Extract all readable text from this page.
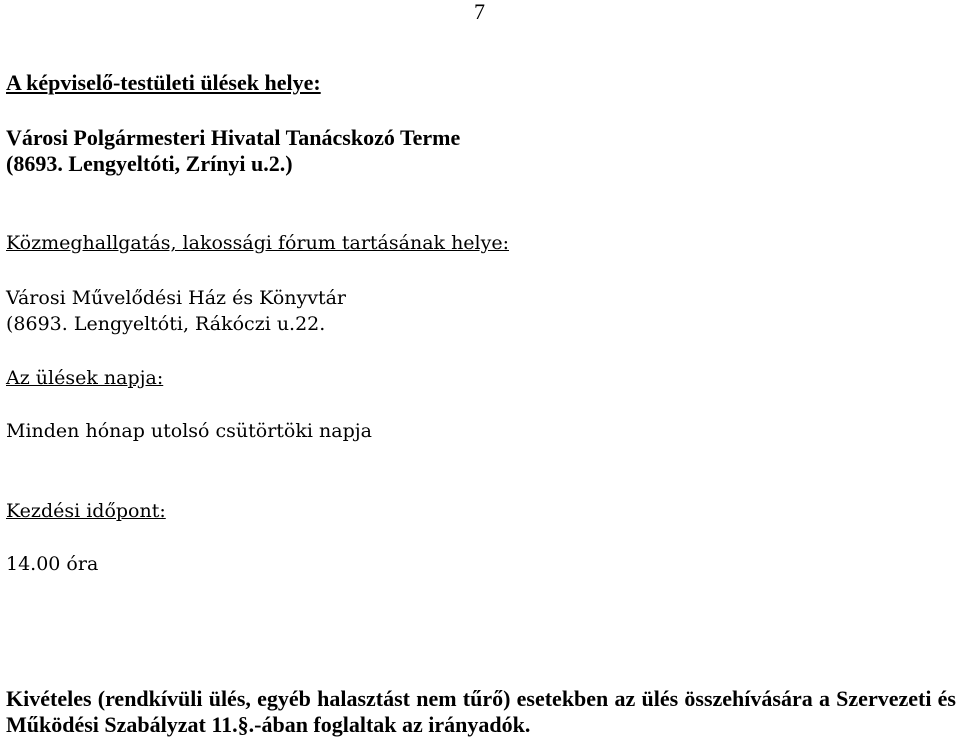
7

A képviselő-testületi ülések helye:

Városi Polgármesteri Hivatal Tanácskozó Terme

(8693. Lengyeltóti, Zrínyi u.2.)

Közmeghallgatás, lakossági fórum tartásának helye:

Városi Művelődési Ház és Könyvtár

(8693. Lengyeltóti, Rákóczi u.22.

Az ülések napja:

Minden hónap utolsó csütörtöki napja

Kezdési időpont:

14.00 óra

Kivételes (rendkívüli ülés, egyéb halasztást nem tűrő) esetekben az ülés összehívására a Szervezeti és Működési Szabályzat 11.§.-ában foglaltak az irányadók.
